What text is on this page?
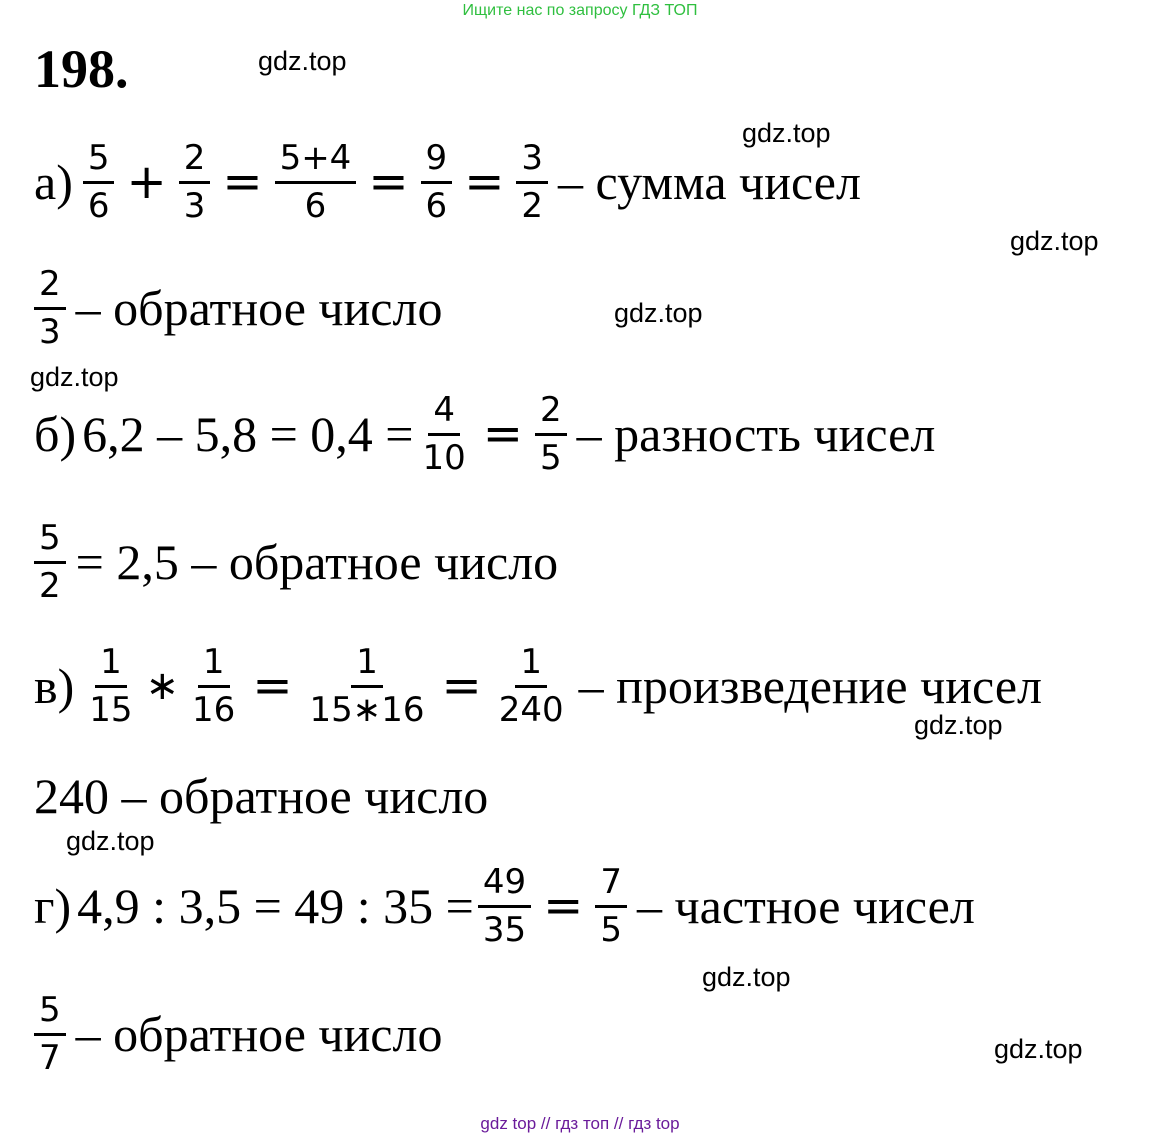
Ищите нас по запросу ГДЗ ТОП
198.	gdz.top
gdz.top
gdz.top
gdz.top
gdz.top
gdz.top
gdz.top
gdz.top
gdz.top
$а) \frac{5}{6} + \frac{2}{3} = \frac{5+4}{6} = \frac{9}{6} = \frac{3}{2}$ – сумма чисел
$\frac{2}{3}$ – обратное число
б) $6,2 - 5,8 = 0,4 = \frac{4}{10} = \frac{2}{5}$ – разность чисел
$\frac{5}{2} = 2,5$ – обратное число
$в) \frac{1}{15}$ ∗ $\frac{1}{16} = \frac{1}{15∗16} = \frac{1}{240}$ – произведение чисел
240 – обратное число
г) 4,9 : 3,5 = 49 : $35 = \frac{49}{35} = \frac{7}{5}$ – частное чисел
$\frac{5}{7}$ – обратное число
gdz top // гдз топ // гдз top
